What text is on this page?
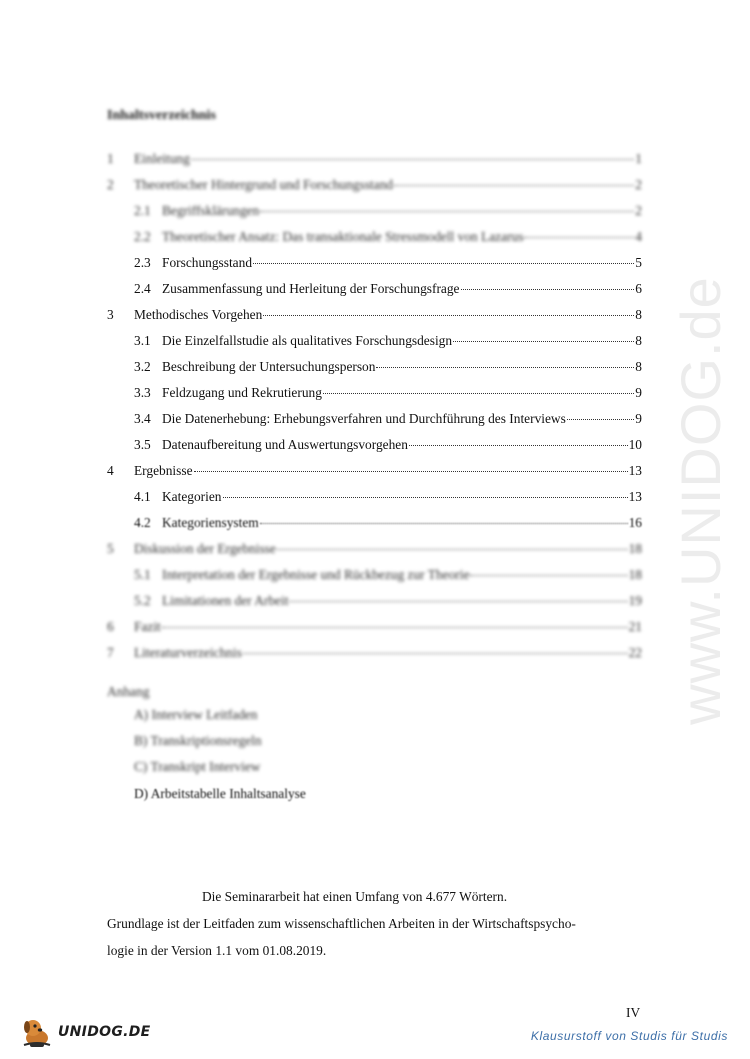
www.UNIDOG.de
Inhaltsverzeichnis
1	Einleitung	1
2	Theoretischer Hintergrund und Forschungsstand	2
2.1 Begriffsklärungen	2
2.2 Theoretischer Ansatz: Das transaktionale Stressmodell von Lazarus	4
2.3 Forschungsstand	5
2.4 Zusammenfassung und Herleitung der Forschungsfrage	6
3	Methodisches Vorgehen	8
3.1 Die Einzelfallstudie als qualitatives Forschungsdesign	8
3.2 Beschreibung der Untersuchungsperson	8
3.3 Feldzugang und Rekrutierung	9
3.4 Die Datenerhebung: Erhebungsverfahren und Durchführung des Interviews	9
3.5 Datenaufbereitung und Auswertungsvorgehen	10
4	Ergebnisse	13
4.1 Kategorien	13
4.2 Kategoriensystem	16
5	Diskussion der Ergebnisse	18
5.1 Interpretation der Ergebnisse und Rückbezug zur Theorie	18
5.2 Limitationen der Arbeit	19
6	Fazit	21
7	Literaturverzeichnis	22
Anhang
A) Interview Leitfaden
B) Transkriptionsregeln
C) Transkript Interview
D) Arbeitstabelle Inhaltsanalyse
Die Seminararbeit hat einen Umfang von 4.677 Wörtern.
Grundlage ist der Leitfaden zum wissenschaftlichen Arbeiten in der Wirtschaftspsycho-
logie in der Version 1.1 vom 01.08.2019.
IV
UNIDOG.DE	Klausurstoff von Studis für Studis
